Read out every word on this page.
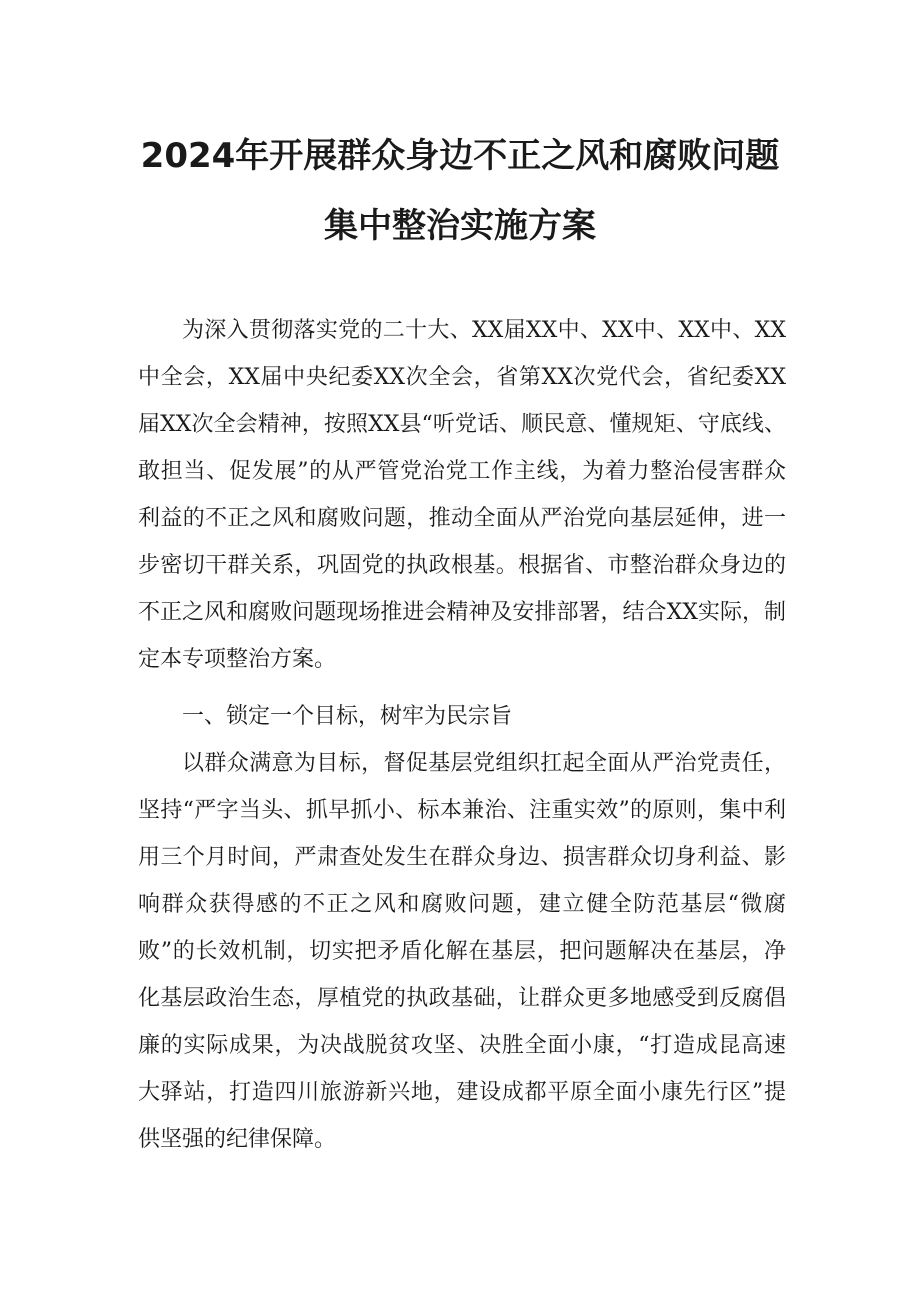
2024年开展群众身边不正之风和腐败问题
集中整治实施方案

为深入贯彻落实党的二十大、XX届XX中、XX中、XX中、XX中全会，XX届中央纪委XX次全会，省第XX次党代会，省纪委XX届XX次全会精神，按照XX县“听党话、顺民意、懂规矩、守底线、敢担当、促发展”的从严管党治党工作主线，为着力整治侵害群众利益的不正之风和腐败问题，推动全面从严治党向基层延伸，进一步密切干群关系，巩固党的执政根基。根据省、市整治群众身边的不正之风和腐败问题现场推进会精神及安排部署，结合XX实际，制定本专项整治方案。

一、锁定一个目标，树牢为民宗旨

以群众满意为目标，督促基层党组织扛起全面从严治党责任，坚持“严字当头、抓早抓小、标本兼治、注重实效”的原则，集中利用三个月时间，严肃查处发生在群众身边、损害群众切身利益、影响群众获得感的不正之风和腐败问题，建立健全防范基层“微腐败”的长效机制，切实把矛盾化解在基层，把问题解决在基层，净化基层政治生态，厚植党的执政基础，让群众更多地感受到反腐倡廉的实际成果，为决战脱贫攻坚、决胜全面小康，“打造成昆高速大驿站，打造四川旅游新兴地，建设成都平原全面小康先行区”提供坚强的纪律保障。
